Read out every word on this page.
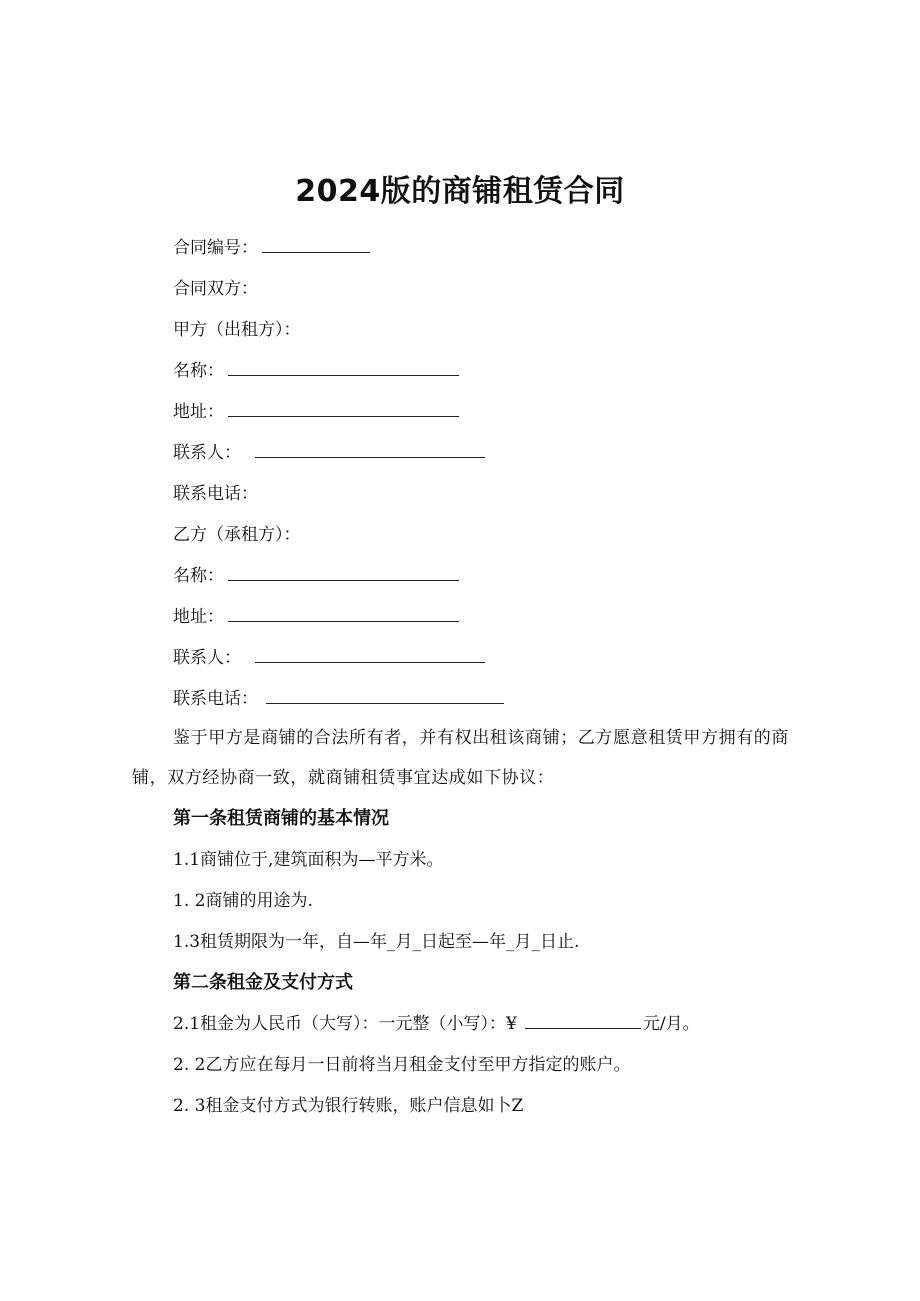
2024版的商铺租赁合同
合同编号：
合同双方：
甲方（出租方）：
名称：
地址：
联系人：
联系电话：
乙方（承租方）：
名称：
地址：
联系人：
联系电话：
鉴于甲方是商铺的合法所有者，并有权出租该商铺；乙方愿意租赁甲方拥有的商铺，双方经协商一致，就商铺租赁事宜达成如下协议：
第一条租赁商铺的基本情况
1.1商铺位于,建筑面积为—平方米。
1. 2商铺的用途为.
1.3租赁期限为一年，自—年_月_日起至—年_月_日止.
第二条租金及支付方式
2.1租金为人民币（大写）：一元整（小写）：¥	元/月。
2. 2乙方应在每月一日前将当月租金支付至甲方指定的账户。
2. 3租金支付方式为银行转账，账户信息如卜Z
